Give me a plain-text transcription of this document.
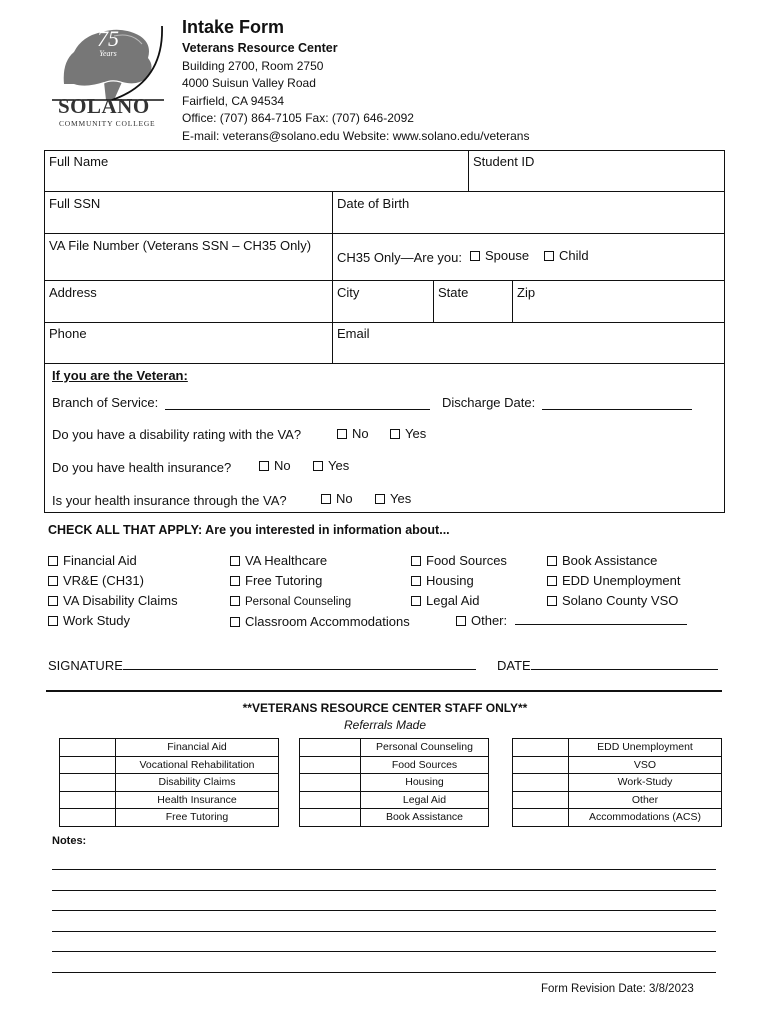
75
Years
SOLANO
COMMUNITY COLLEGE
Intake Form
Veterans Resource Center
Building 2700, Room 2750
4000 Suisun Valley Road
Fairfield, CA 94534
Office: (707) 864-7105 Fax: (707) 646-2092
E-mail: veterans@solano.edu Website: www.solano.edu/veterans
Full Name	Student ID
Full SSN	Date of Birth
VA File Number (Veterans SSN – CH35 Only)
CH35 Only—Are you:	Spouse	Child
Address	City	State	Zip
Phone	Email
If you are the Veteran:
Branch of Service:	Discharge Date:
Do you have a disability rating with the VA?	No	Yes
Do you have health insurance?	No	Yes
Is your health insurance through the VA?	No	Yes
CHECK ALL THAT APPLY: Are you interested in information about...
Financial Aid
VR&E (CH31)
VA Disability Claims
Work Study
VA Healthcare
Free Tutoring
Personal Counseling
Classroom Accommodations
Food Sources
Housing
Legal Aid
Other:
Book Assistance
EDD Unemployment
Solano County VSO
SIGNATURE	DATE
**VETERANS RESOURCE CENTER STAFF ONLY**
Referrals Made
	Financial Aid
	Vocational Rehabilitation
	Disability Claims
	Health Insurance
	Free Tutoring
	Personal Counseling
	Food Sources
	Housing
	Legal Aid
	Book Assistance
	EDD Unemployment
	VSO
	Work-Study
	Other
	Accommodations (ACS)
Notes:
Form Revision Date: 3/8/2023
